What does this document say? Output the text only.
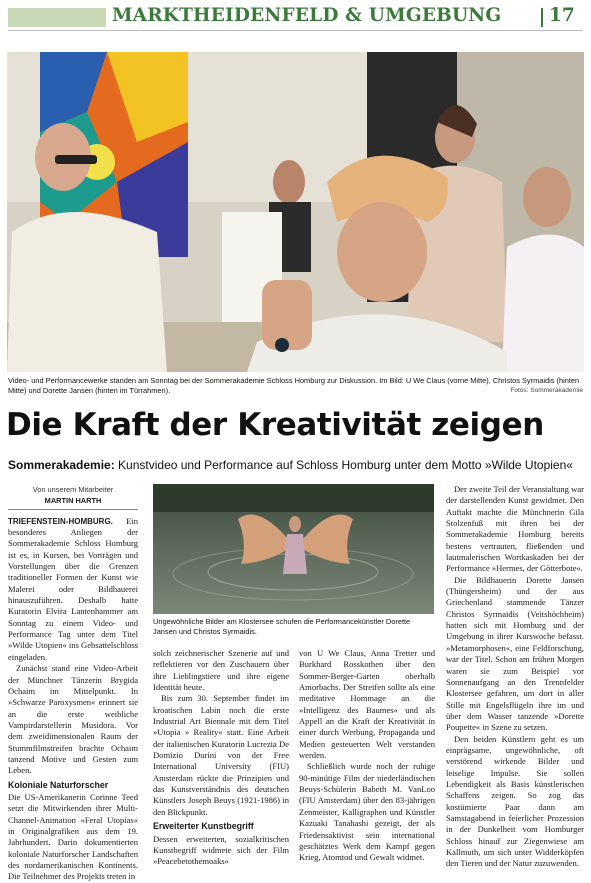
MARKTHEIDENFELD & UMGEBUNG	17
Video- und Performancewerke standen am Sonntag bei der Sommerakademie Schloss Homburg zur Diskussion. Im Bild: U We Claus (vorne Mitte), Christos Syrmaidis (hinten Mitte) und Dorette Jansen (hinten im Türrahmen).	Fotos: Sommerakademie
Die Kraft der Kreativität zeigen
Sommerakademie: Kunstvideo und Performance auf Schloss Homburg unter dem Motto »Wilde Utopien«
Von unserem Mitarbeiter
MARTIN HARTH

TRIEFENSTEIN-HOMBURG. Ein besonderes Anliegen der Sommerakademie Schloss Homburg ist es, in Kursen, bei Vorträgen und Vorstellungen über die Grenzen traditioneller Formen der Kunst wie Malerei oder Bildhauerei hinauszuführen. Deshalb hatte Kuratorin Elvira Lantenhammer am Sonntag zu einem Video- und Performance Tag unter dem Titel »Wilde Utopien« ins Gebsattelschloss eingeladen.

Zunächst stand eine Video-Arbeit der Münchner Tänzerin Brygida Ochaim im Mittelpunkt. In »Schwarze Paroxysmen« erinnert sie an die erste weibliche Vampirdarstellerin Musidora. Vor dem zweidimensionalen Raum der Stummfilmstreifen brachte Ochaim tanzend Motive und Gesten zum Leben.

Koloniale Naturforscher

Die US-Amerikanerin Corinne Teed setzt die Mitwirkenden ihrer Multi-Channel-Animation »Feral Utopias« in Originalgrafiken aus dem 19. Jahrhundert. Darin dokumentierten koloniale Naturforscher Landschaften des nordamerikanischen Kontinents. Die Teilnehmer des Projekts treten in

Ungewöhnliche Bilder am Klostersee schufen die Performancekünstler Dorette Jansen und Christos Syrmaidis.

solch zeichnerischer Szenerie auf und reflektieren vor den Zuschauern über ihre Lieblingstiere und ihre eigene Identität heute.

Bis zum 30. September findet im kroatischen Labin noch die erste Industrial Art Biennale mit dem Titel »Utopia » Reality« statt. Eine Arbeit der italienischen Kuratorin Lucrezia De Domizio Durini von der Free International University (FIU) Amsterdam rückte die Prinzipien und das Kunstverständnis des deutschen Künstlers Joseph Beuys (1921-1986) in den Blickpunkt.

Erweiterter Kunstbegriff

Dessen erweiterten, sozialkritischen Kunstbegriff widmete sich der Film »Peacebetothemoaks«

von U We Claus, Anna Tretter und Burkhard Rosskothen über den Sommer-Berger-Garten oberhalb Amorbachs. Der Streifen sollte als eine meditative Hommage an die »Intelligenz des Baumes« und als Appell an die Kraft der Kreativität in einer durch Werbung, Propaganda und Medien gesteuerten Welt verstanden werden.

Schließlich wurde noch der ruhige 90-minütige Film der niederländischen Beuys-Schülerin Babeth M. VanLoo (FIU Amsterdam) über den 83-jährigen Zenmeister, Kalligraphen und Künstler Kazuaki Tanahashi gezeigt, der als Friedensaktivist sein international geschätztes Werk dem Kampf gegen Krieg, Atomtod und Gewalt widmet.

Der zweite Teil der Veranstaltung war der darstellenden Kunst gewidmet. Den Auftakt machte die Münchnerin Gila Stolzenfuß mit ihren bei der Sommerakademie Homburg bereits bestens vertrauten, fließenden und lautmalerischen Wortkaskaden bei der Performance »Hermes, der Götterbote«.

Die Bildhauerin Dorette Jansen (Thüngersheim) und der aus Griechenland stammende Tänzer Christos Syrmaidis (Veitshöchheim) hatten sich mit Homburg und der Umgebung in ihrer Kurswoche befasst. »Metamorphosen«, eine Feldforschung, war der Titel. Schon am frühen Morgen waren sie zum Beispiel vor Sonnenaufgang an den Trennfelder Klostersee gefahren, um dort in aller Stille mit Engelsflügeln ihre im und über dem Wasser tanzende »Dorette Poupette« in Szene zu setzen.

Den beiden Künstlern geht es um einprägsame, ungewöhnliche, oft verstörend wirkende Bilder und leiselige Impulse. Sie sollen Lebendigkeit als Basis künstlerischen Schaffens zeigen. So zog das kostümierte Paar dann am Samstagabend in feierlicher Prozession in der Dunkelheit vom Homburger Schloss hinauf zur Ziegenwiese am Kallmuth, um sich unter Widderköpfen den Tieren und der Natur zuzuwenden.
